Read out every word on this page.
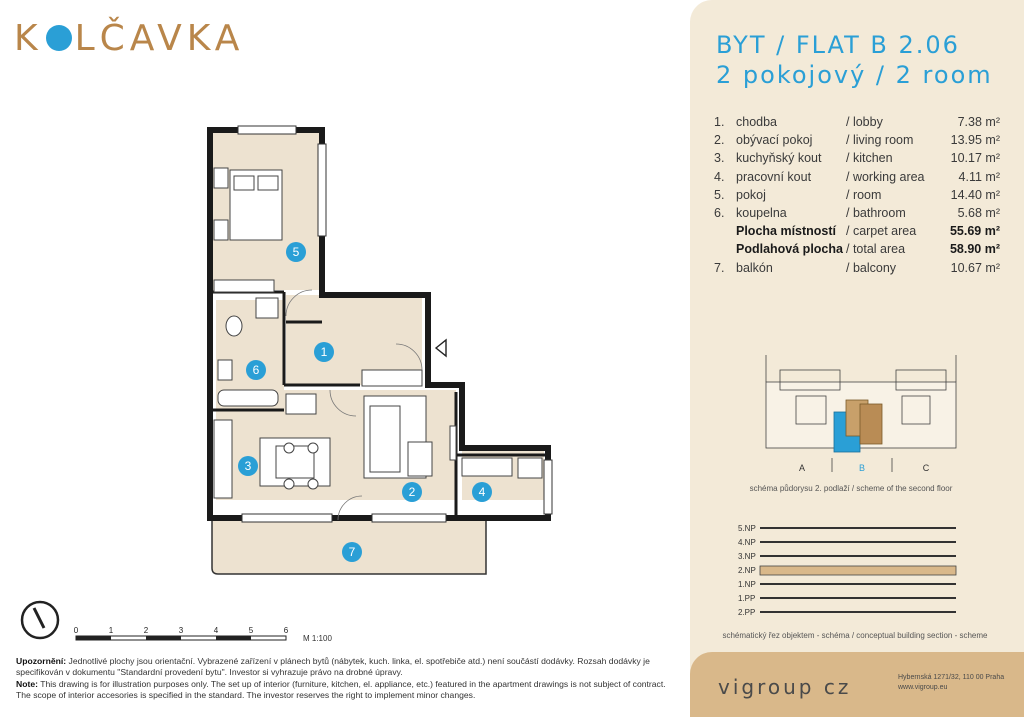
K LČAVKA
1
2
3
4
5
6
7
0	1	2	3	4	5	6
M 1:100

Upozornění: Jednotlivé plochy jsou orientační. Vybrazené zařízení v plánech bytů (nábytek, kuch. linka, el. spotřebiče atd.) není součástí dodávky. Rozsah dodávky je specifikován v dokumentu "Standardní provedení bytu". Investor si vyhrazuje právo na drobné úpravy.

Note: This drawing is for illustration purposes only. The set up of interior (furniture, kitchen, el. appliance, etc.) featured in the apartment drawings is not subject of contract. The scope of interior accesories is specified in the standard. The investor reserves the right to implement minor changes.

BYT / FLAT B 2.06
2 pokojový / 2 room
1. chodba	/ lobby	7.38 m²
2. obývací pokoj	/ living room	13.95 m²
3. kuchyňský kout	/ kitchen	10.17 m²
4. pracovní kout	/ working area	4.11 m²
5. pokoj	/ room	14.40 m²
6. koupelna	/ bathroom	5.68 m²
Plocha místností / carpet area	55.69 m²
Podlahová plocha / total area	58.90 m²
7. balkón	/ balcony	10.67 m²
A	B	C
schéma půdorysu 2. podlaží / scheme of the second floor
5.NP
4.NP
3.NP
2.NP
1.NP
1.PP
2.PP
schématický řez objektem - schéma / conceptual building section - scheme
vigroup cz	Hybernská 1271/32, 110 00 Praha
www.vigroup.eu
